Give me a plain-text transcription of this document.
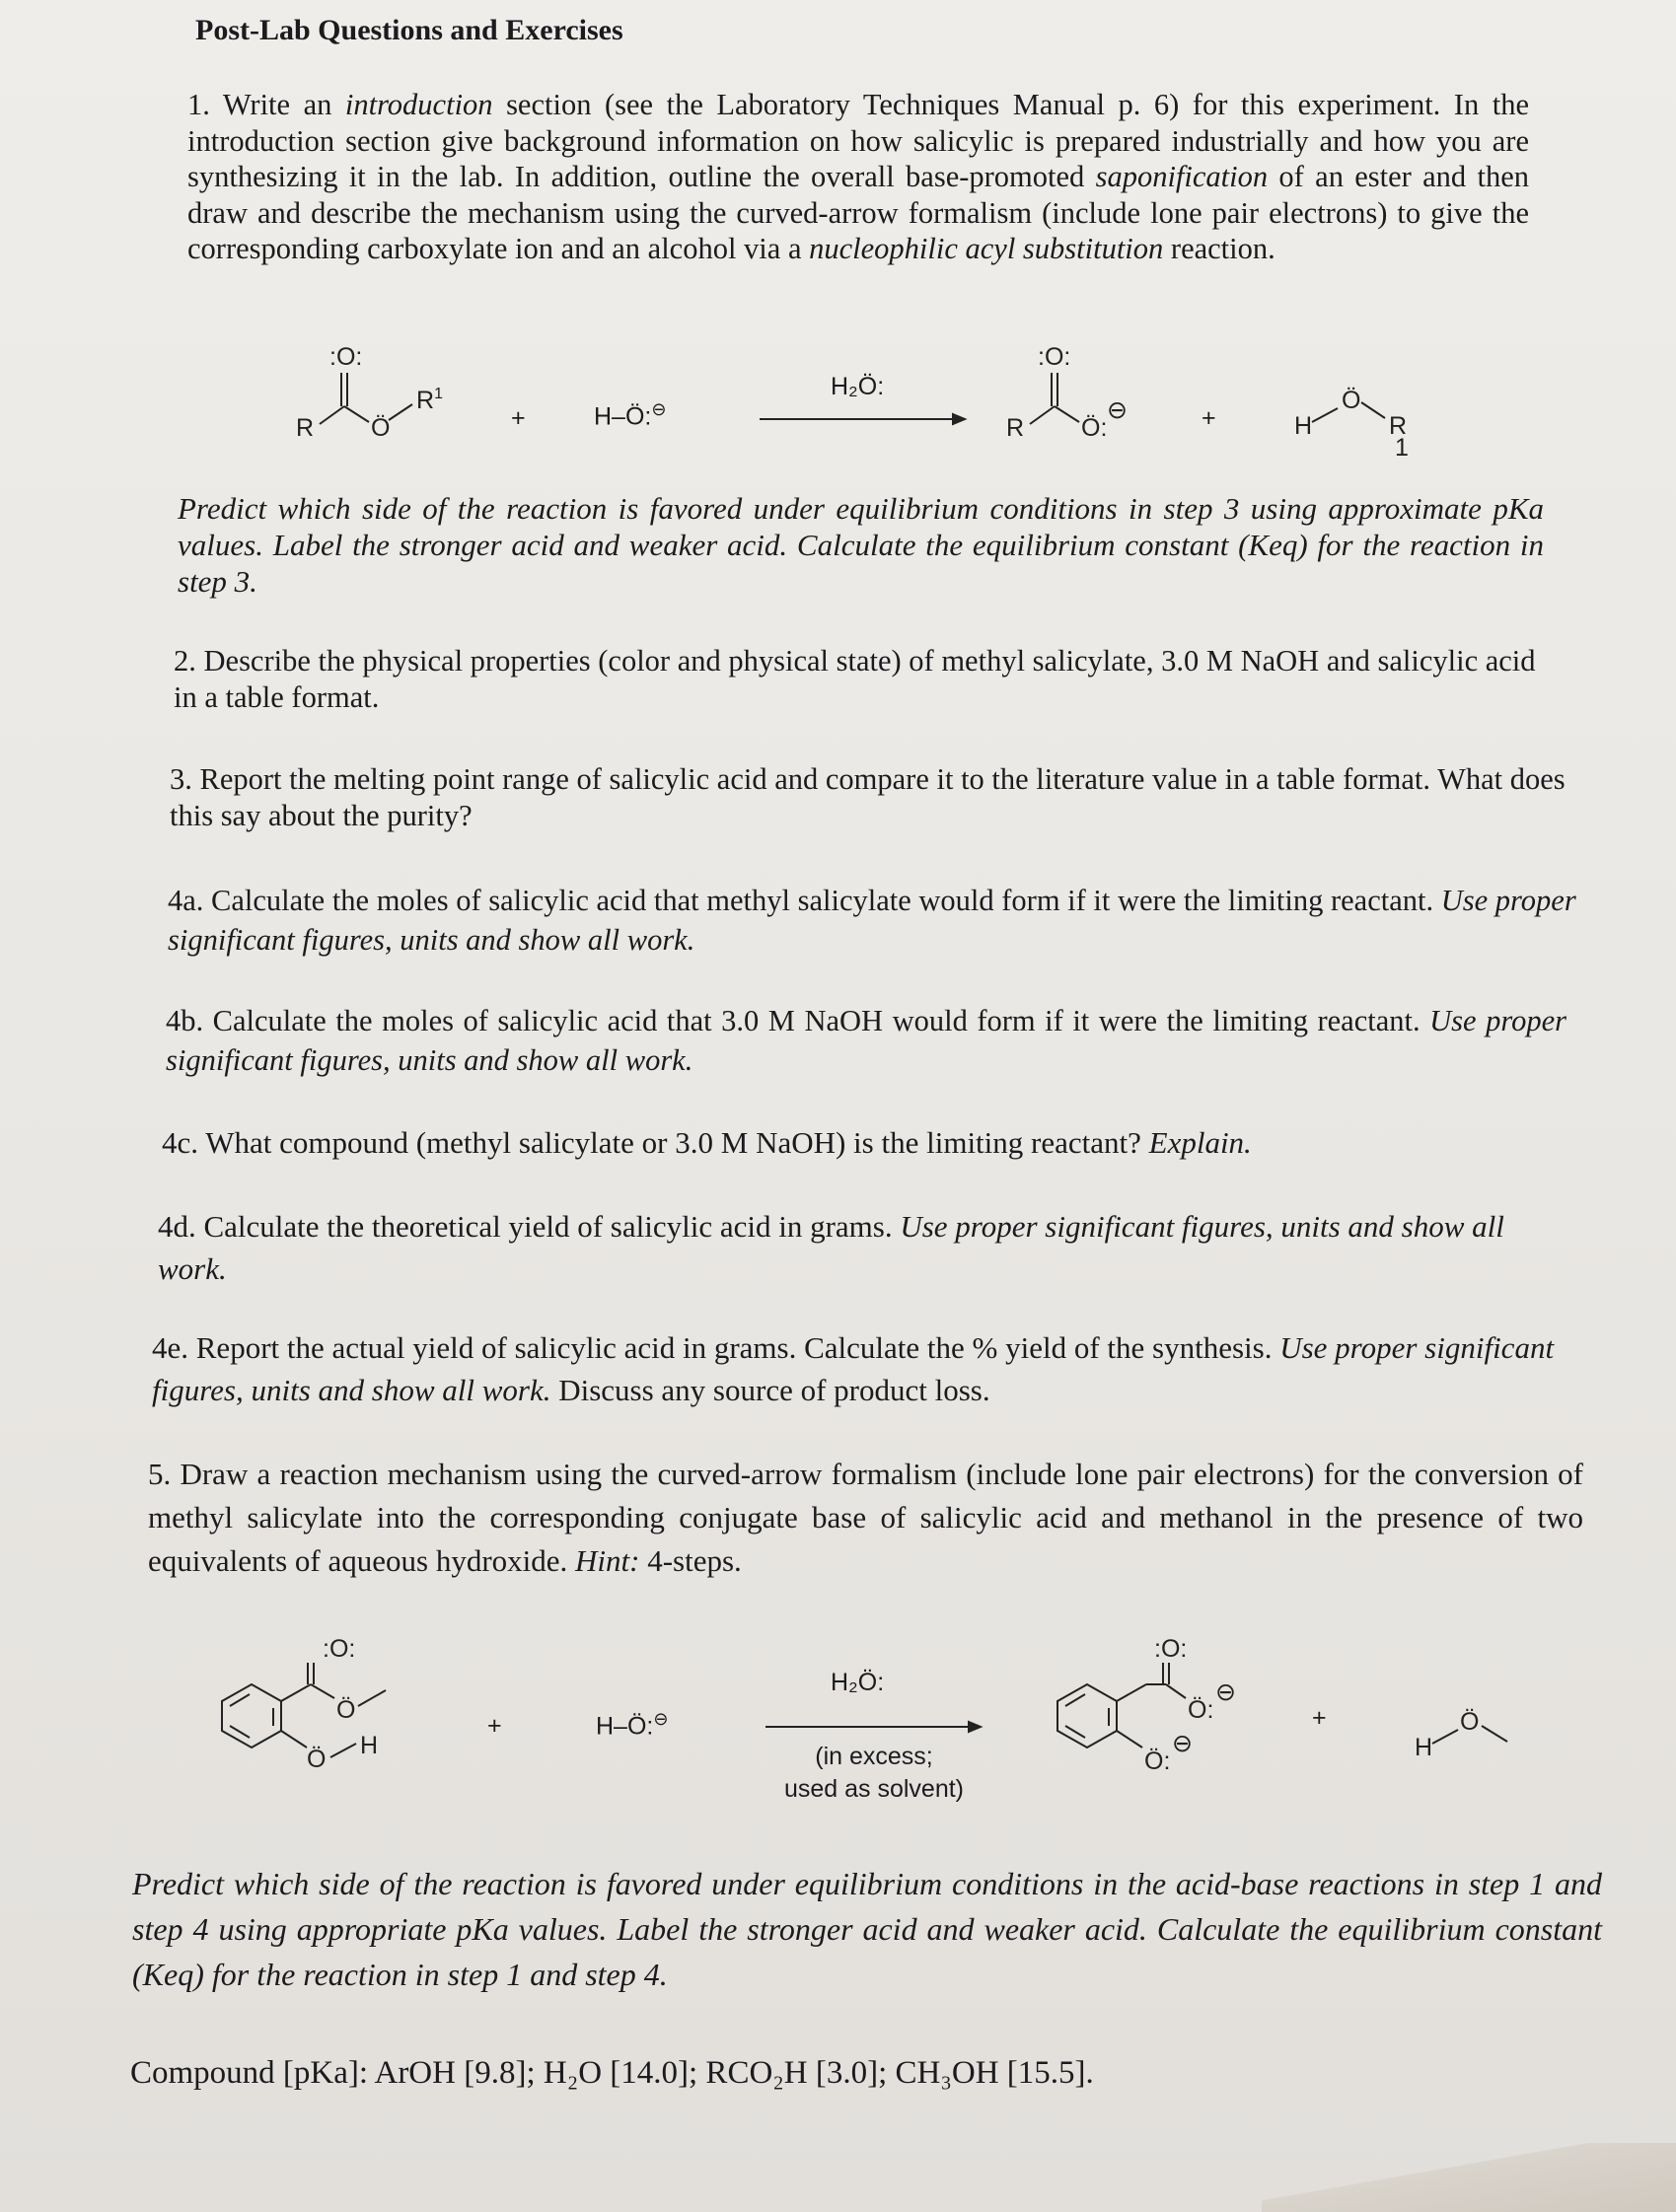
Post-Lab Questions and Exercises

1. Write an introduction section (see the Laboratory Techniques Manual p. 6) for this experiment. In the introduction section give background information on how salicylic is prepared industrially and how you are synthesizing it in the lab. In addition, outline the overall base-promoted saponification of an ester and then draw and describe the mechanism using the curved-arrow formalism (include lone pair electrons) to give the corresponding carboxylate ion and an alcohol via a nucleophilic acyl substitution reaction.

:O:
R Ö
$R^1$
+	H–Ö:⊖
H₂Ö:
:O:
R Ö:
⊖	+	H
Ö
R
1

Predict which side of the reaction is favored under equilibrium conditions in step 3 using approximate pKa values. Label the stronger acid and weaker acid. Calculate the equilibrium constant (Keq) for the reaction in step 3.

2. Describe the physical properties (color and physical state) of methyl salicylate, 3.0 M NaOH and salicylic acid in a table format.

3. Report the melting point range of salicylic acid and compare it to the literature value in a table format. What does this say about the purity?

4a. Calculate the moles of salicylic acid that methyl salicylate would form if it were the limiting reactant. Use proper significant figures, units and show all work.

4b. Calculate the moles of salicylic acid that 3.0 M NaOH would form if it were the limiting reactant. Use proper significant figures, units and show all work.

4c. What compound (methyl salicylate or 3.0 M NaOH) is the limiting reactant? Explain.

4d. Calculate the theoretical yield of salicylic acid in grams. Use proper significant figures, units and show all work.

4e. Report the actual yield of salicylic acid in grams. Calculate the % yield of the synthesis. Use proper significant figures, units and show all work. Discuss any source of product loss.

5. Draw a reaction mechanism using the curved-arrow formalism (include lone pair electrons) for the conversion of methyl salicylate into the corresponding conjugate base of salicylic acid and methanol in the presence of two equivalents of aqueous hydroxide. Hint: 4-steps.

:O:
Ö
Ö H
+	H–Ö:⊖
H₂Ö:
(in excess;
used as solvent)
:O:
Ö:
⊖
Ö:
⊖
+
H
Ö

Predict which side of the reaction is favored under equilibrium conditions in the acid-base reactions in step 1 and step 4 using appropriate pKa values. Label the stronger acid and weaker acid. Calculate the equilibrium constant (Keq) for the reaction in step 1 and step 4.

Compound [pKa]: ArOH [9.8]; H₂O [14.0]; RCO₂H [3.0]; CH₃OH [15.5].
